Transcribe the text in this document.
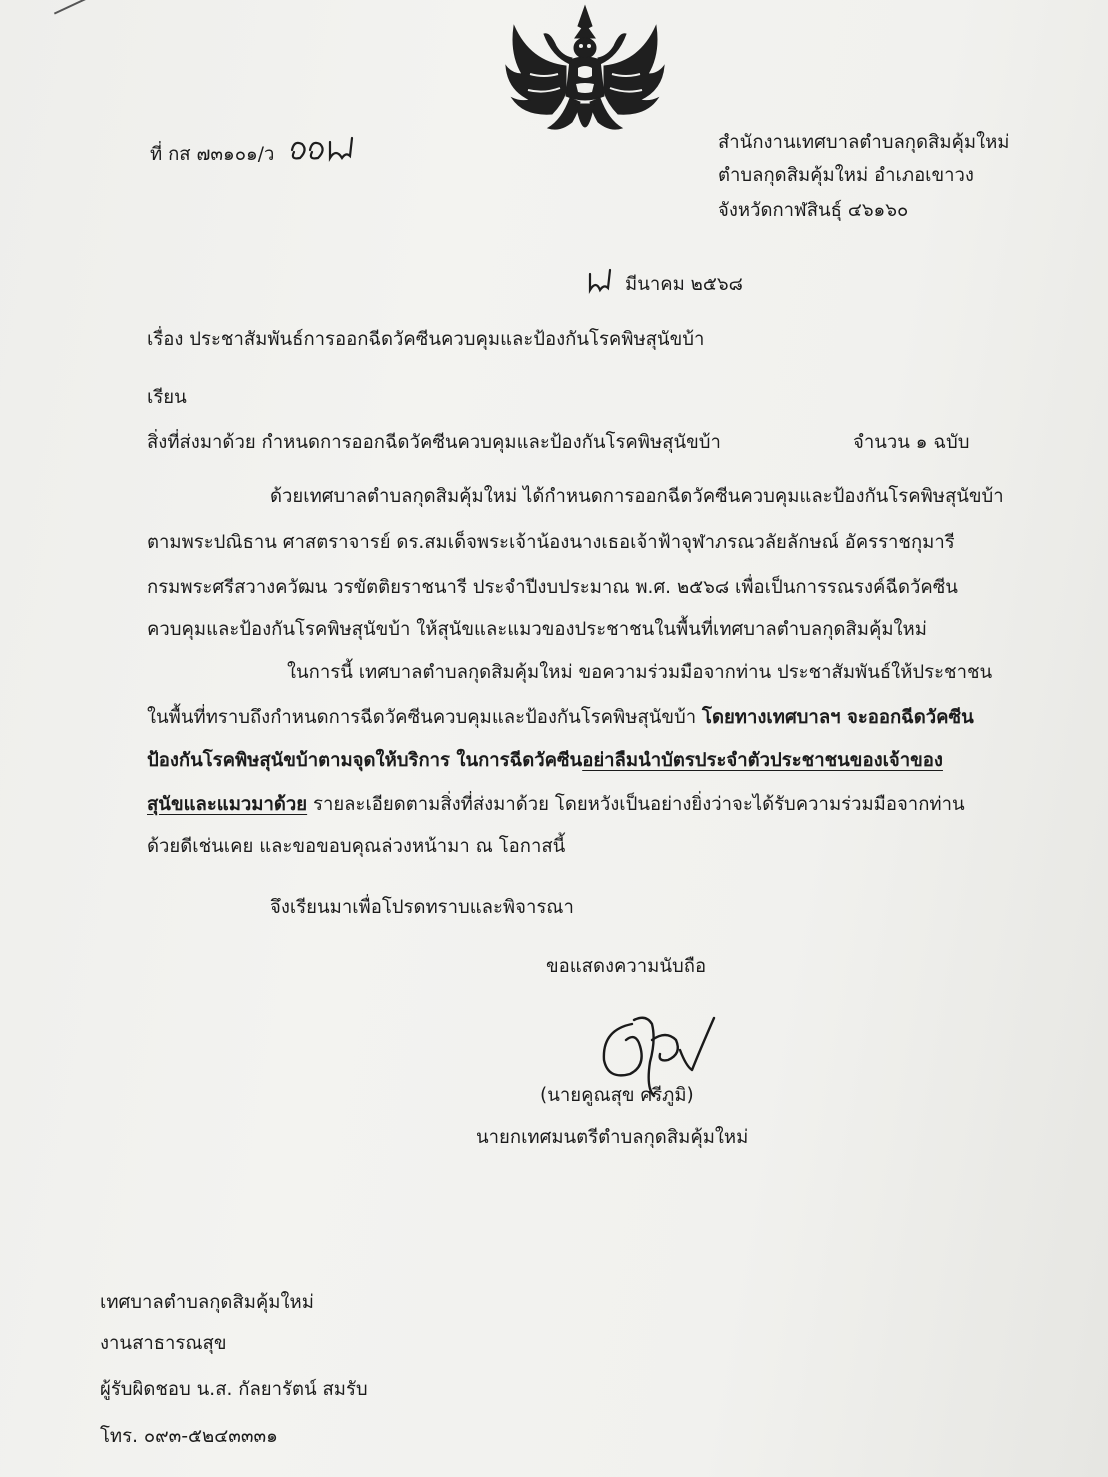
ที่ กส ๗๓๑๐๑/ว
สำนักงานเทศบาลตำบลกุดสิมคุ้มใหม่
ตำบลกุดสิมคุ้มใหม่ อำเภอเขาวง
จังหวัดกาฬสินธุ์ ๔๖๑๖๐
มีนาคม ๒๕๖๘
เรื่อง ประชาสัมพันธ์การออกฉีดวัคซีนควบคุมและป้องกันโรคพิษสุนัขบ้า
เรียน
สิ่งที่ส่งมาด้วย กำหนดการออกฉีดวัคซีนควบคุมและป้องกันโรคพิษสุนัขบ้า	จำนวน ๑ ฉบับ
ด้วยเทศบาลตำบลกุดสิมคุ้มใหม่ ได้กำหนดการออกฉีดวัคซีนควบคุมและป้องกันโรคพิษสุนัขบ้า
ตามพระปณิธาน ศาสตราจารย์ ดร.สมเด็จพระเจ้าน้องนางเธอเจ้าฟ้าจุฬาภรณวลัยลักษณ์ อัครราชกุมารี
กรมพระศรีสวางควัฒน วรขัตติยราชนารี ประจำปีงบประมาณ พ.ศ. ๒๕๖๘ เพื่อเป็นการรณรงค์ฉีดวัคซีน
ควบคุมและป้องกันโรคพิษสุนัขบ้า ให้สุนัขและแมวของประชาชนในพื้นที่เทศบาลตำบลกุดสิมคุ้มใหม่
ในการนี้ เทศบาลตำบลกุดสิมคุ้มใหม่ ขอความร่วมมือจากท่าน ประชาสัมพันธ์ให้ประชาชน
ในพื้นที่ทราบถึงกำหนดการฉีดวัคซีนควบคุมและป้องกันโรคพิษสุนัขบ้า โดยทางเทศบาลฯ จะออกฉีดวัคซีน
ป้องกันโรคพิษสุนัขบ้าตามจุดให้บริการ ในการฉีดวัคซีนอย่าลืมนำบัตรประจำตัวประชาชนของเจ้าของ
สุนัขและแมวมาด้วย รายละเอียดตามสิ่งที่ส่งมาด้วย โดยหวังเป็นอย่างยิ่งว่าจะได้รับความร่วมมือจากท่าน
ด้วยดีเช่นเคย และขอขอบคุณล่วงหน้ามา ณ โอกาสนี้
จึงเรียนมาเพื่อโปรดทราบและพิจารณา
ขอแสดงความนับถือ
(นายคูณสุข ศรีภูมิ)
นายกเทศมนตรีตำบลกุดสิมคุ้มใหม่
เทศบาลตำบลกุดสิมคุ้มใหม่
งานสาธารณสุข
ผู้รับผิดชอบ น.ส. กัลยารัตน์ สมรับ
โทร. ๐๙๓-๕๒๔๓๓๓๑
